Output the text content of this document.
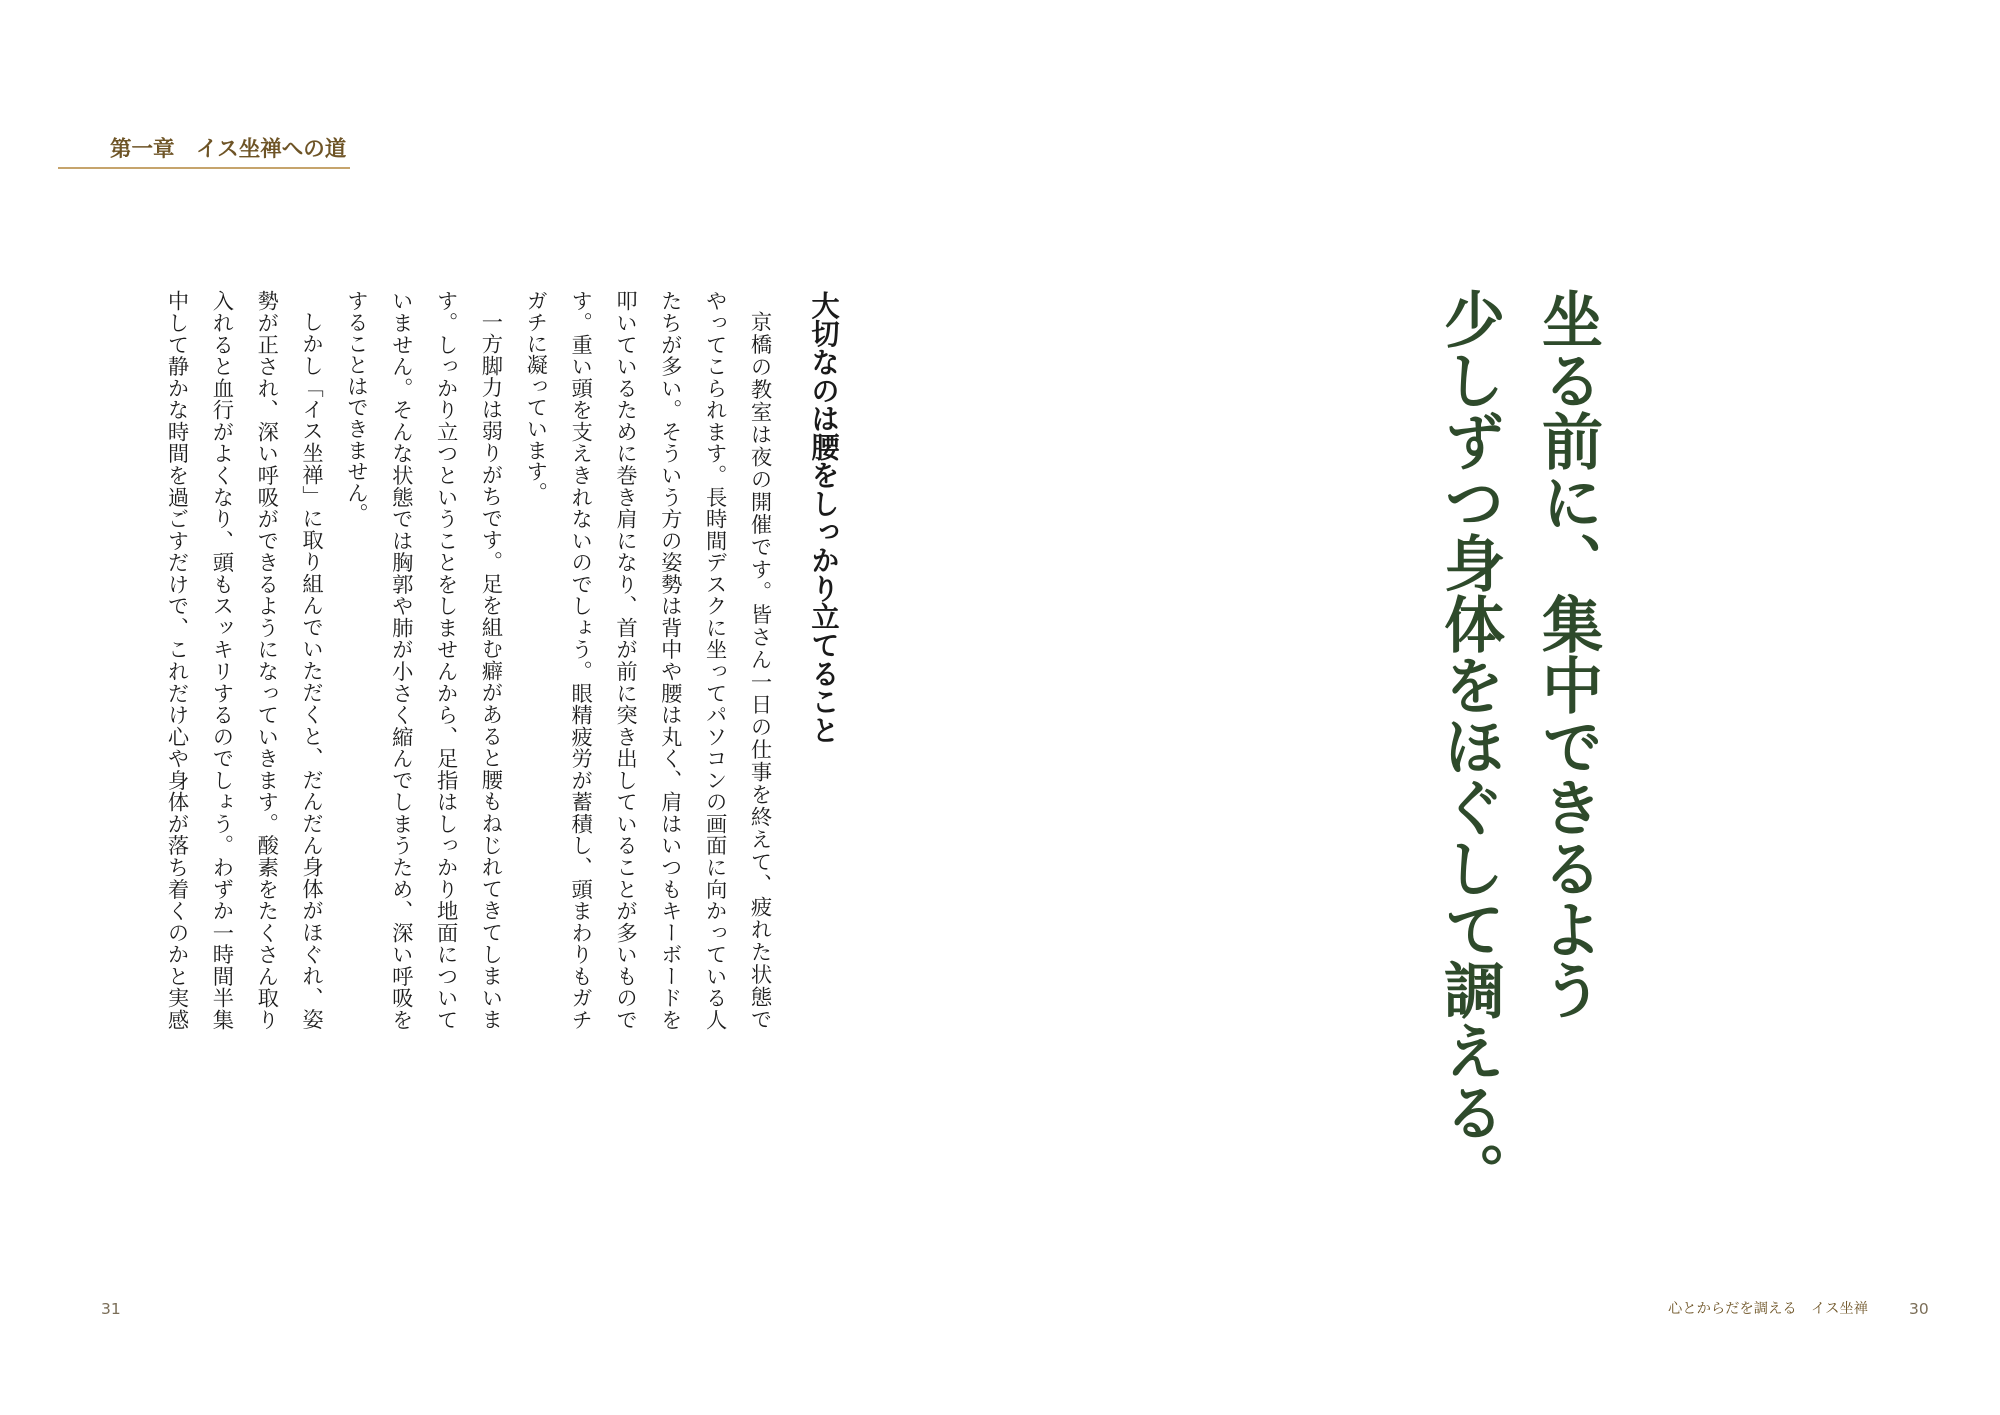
第一章　イス坐禅への道
大切なのは腰をしっかり立てること
京橋の教室は夜の開催です。皆さん一日の仕事を終えて、疲れた状態で
やってこられます。長時間デスクに坐ってパソコンの画面に向かっている人
たちが多い。そういう方の姿勢は背中や腰は丸く、肩はいつもキーボードを
叩いているために巻き肩になり、首が前に突き出していることが多いもので
す。重い頭を支えきれないのでしょう。眼精疲労が蓄積し、頭まわりもガチ
ガチに凝っています。
一方脚力は弱りがちです。足を組む癖があると腰もねじれてきてしまいま
す。しっかり立つということをしませんから、足指はしっかり地面について
いません。そんな状態では胸郭や肺が小さく縮んでしまうため、深い呼吸を
することはできません。
しかし「イス坐禅」に取り組んでいただくと、だんだん身体がほぐれ、姿
勢が正され、深い呼吸ができるようになっていきます。酸素をたくさん取り
入れると血行がよくなり、頭もスッキリするのでしょう。わずか一時間半集
中して静かな時間を過ごすだけで、これだけ心や身体が落ち着くのかと実感
31
坐る前に、集中できるよう
少しずつ身体をほぐして調える。
心とからだを調える　イス坐禅	30
